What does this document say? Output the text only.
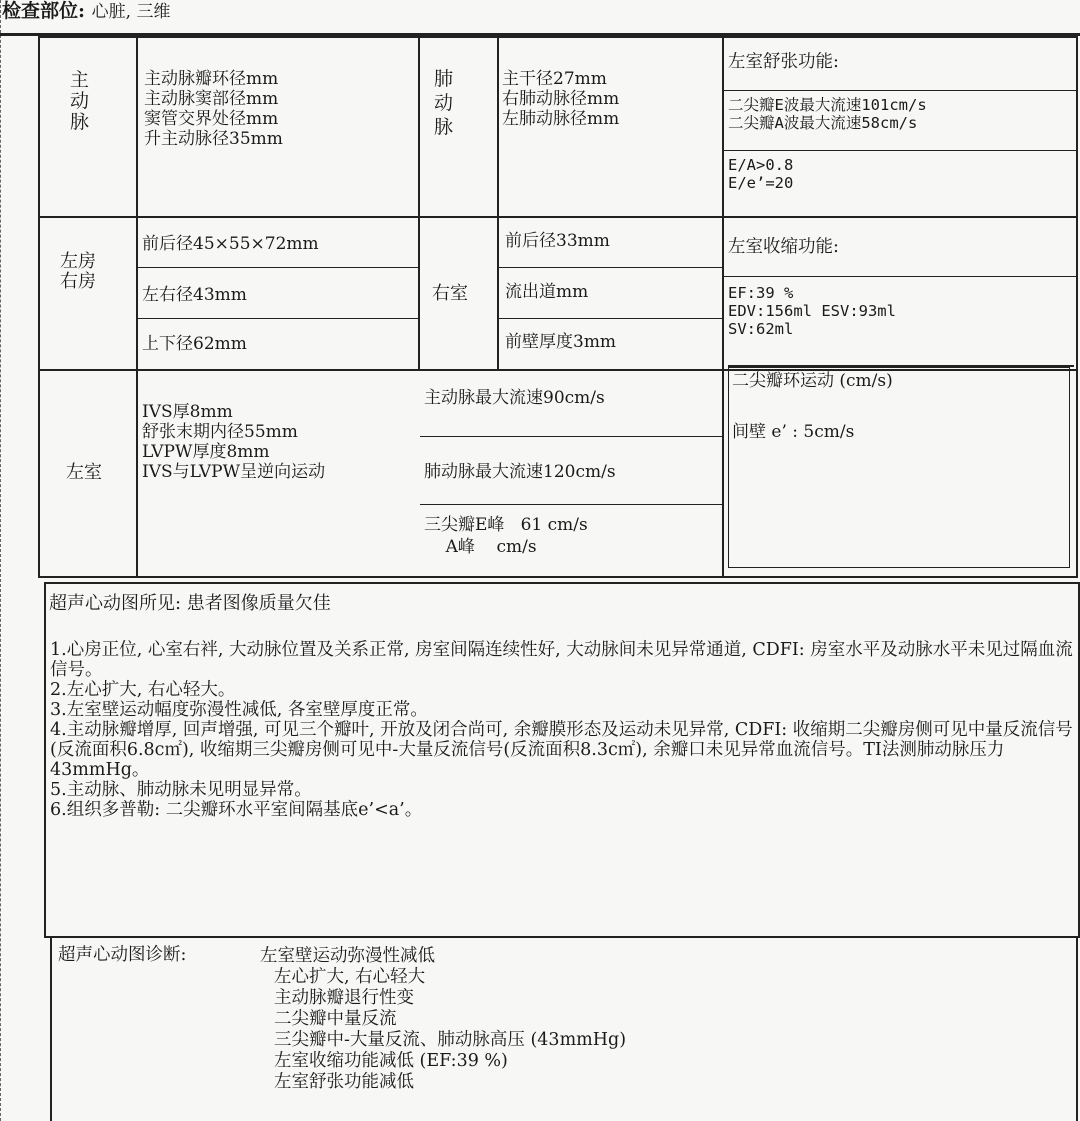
检查部位: 心脏, 三维
主
动
脉
主动脉瓣环径mm
主动脉窦部径mm
窦管交界处径mm
升主动脉径35mm
肺
动
脉
主干径27mm
右肺动脉径mm
左肺动脉径mm
左室舒张功能:
二尖瓣E波最大流速101cm/s
二尖瓣A波最大流速58cm/s
E/A>0.8
E/e’=20
左房
右房
前后径45×55×72mm
左右径43mm
上下径62mm
右室
前后径33mm
流出道mm
前壁厚度3mm
左室收缩功能:
EF:39 %
EDV:156ml ESV:93ml
SV:62ml
左室
IVS厚8mm
舒张末期内径55mm
LVPW厚度8mm
IVS与LVPW呈逆向运动
主动脉最大流速90cm/s
肺动脉最大流速120cm/s
三尖瓣E峰   61 cm/s
A峰    cm/s
二尖瓣环运动 (cm/s)
间壁 e’ : 5cm/s
超声心动图所见: 患者图像质量欠佳
1.心房正位, 心室右袢, 大动脉位置及关系正常, 房室间隔连续性好, 大动脉间未见异常通道, CDFI: 房室水平及动脉水平未见过隔血流信号。
2.左心扩大, 右心轻大。
3.左室壁运动幅度弥漫性减低, 各室壁厚度正常。
4.主动脉瓣增厚, 回声增强, 可见三个瓣叶, 开放及闭合尚可, 余瓣膜形态及运动未见异常, CDFI: 收缩期二尖瓣房侧可见中量反流信号(反流面积6.8c㎡), 收缩期三尖瓣房侧可见中-大量反流信号(反流面积8.3c㎡), 余瓣口未见异常血流信号。TI法测肺动脉压力43mmHg。
5.主动脉、肺动脉未见明显异常。
6.组织多普勒: 二尖瓣环水平室间隔基底e’<a’。
超声心动图诊断:	左室壁运动弥漫性减低
左心扩大, 右心轻大
主动脉瓣退行性变
二尖瓣中量反流
三尖瓣中-大量反流、肺动脉高压 (43mmHg)
左室收缩功能减低 (EF:39 %)
左室舒张功能减低
